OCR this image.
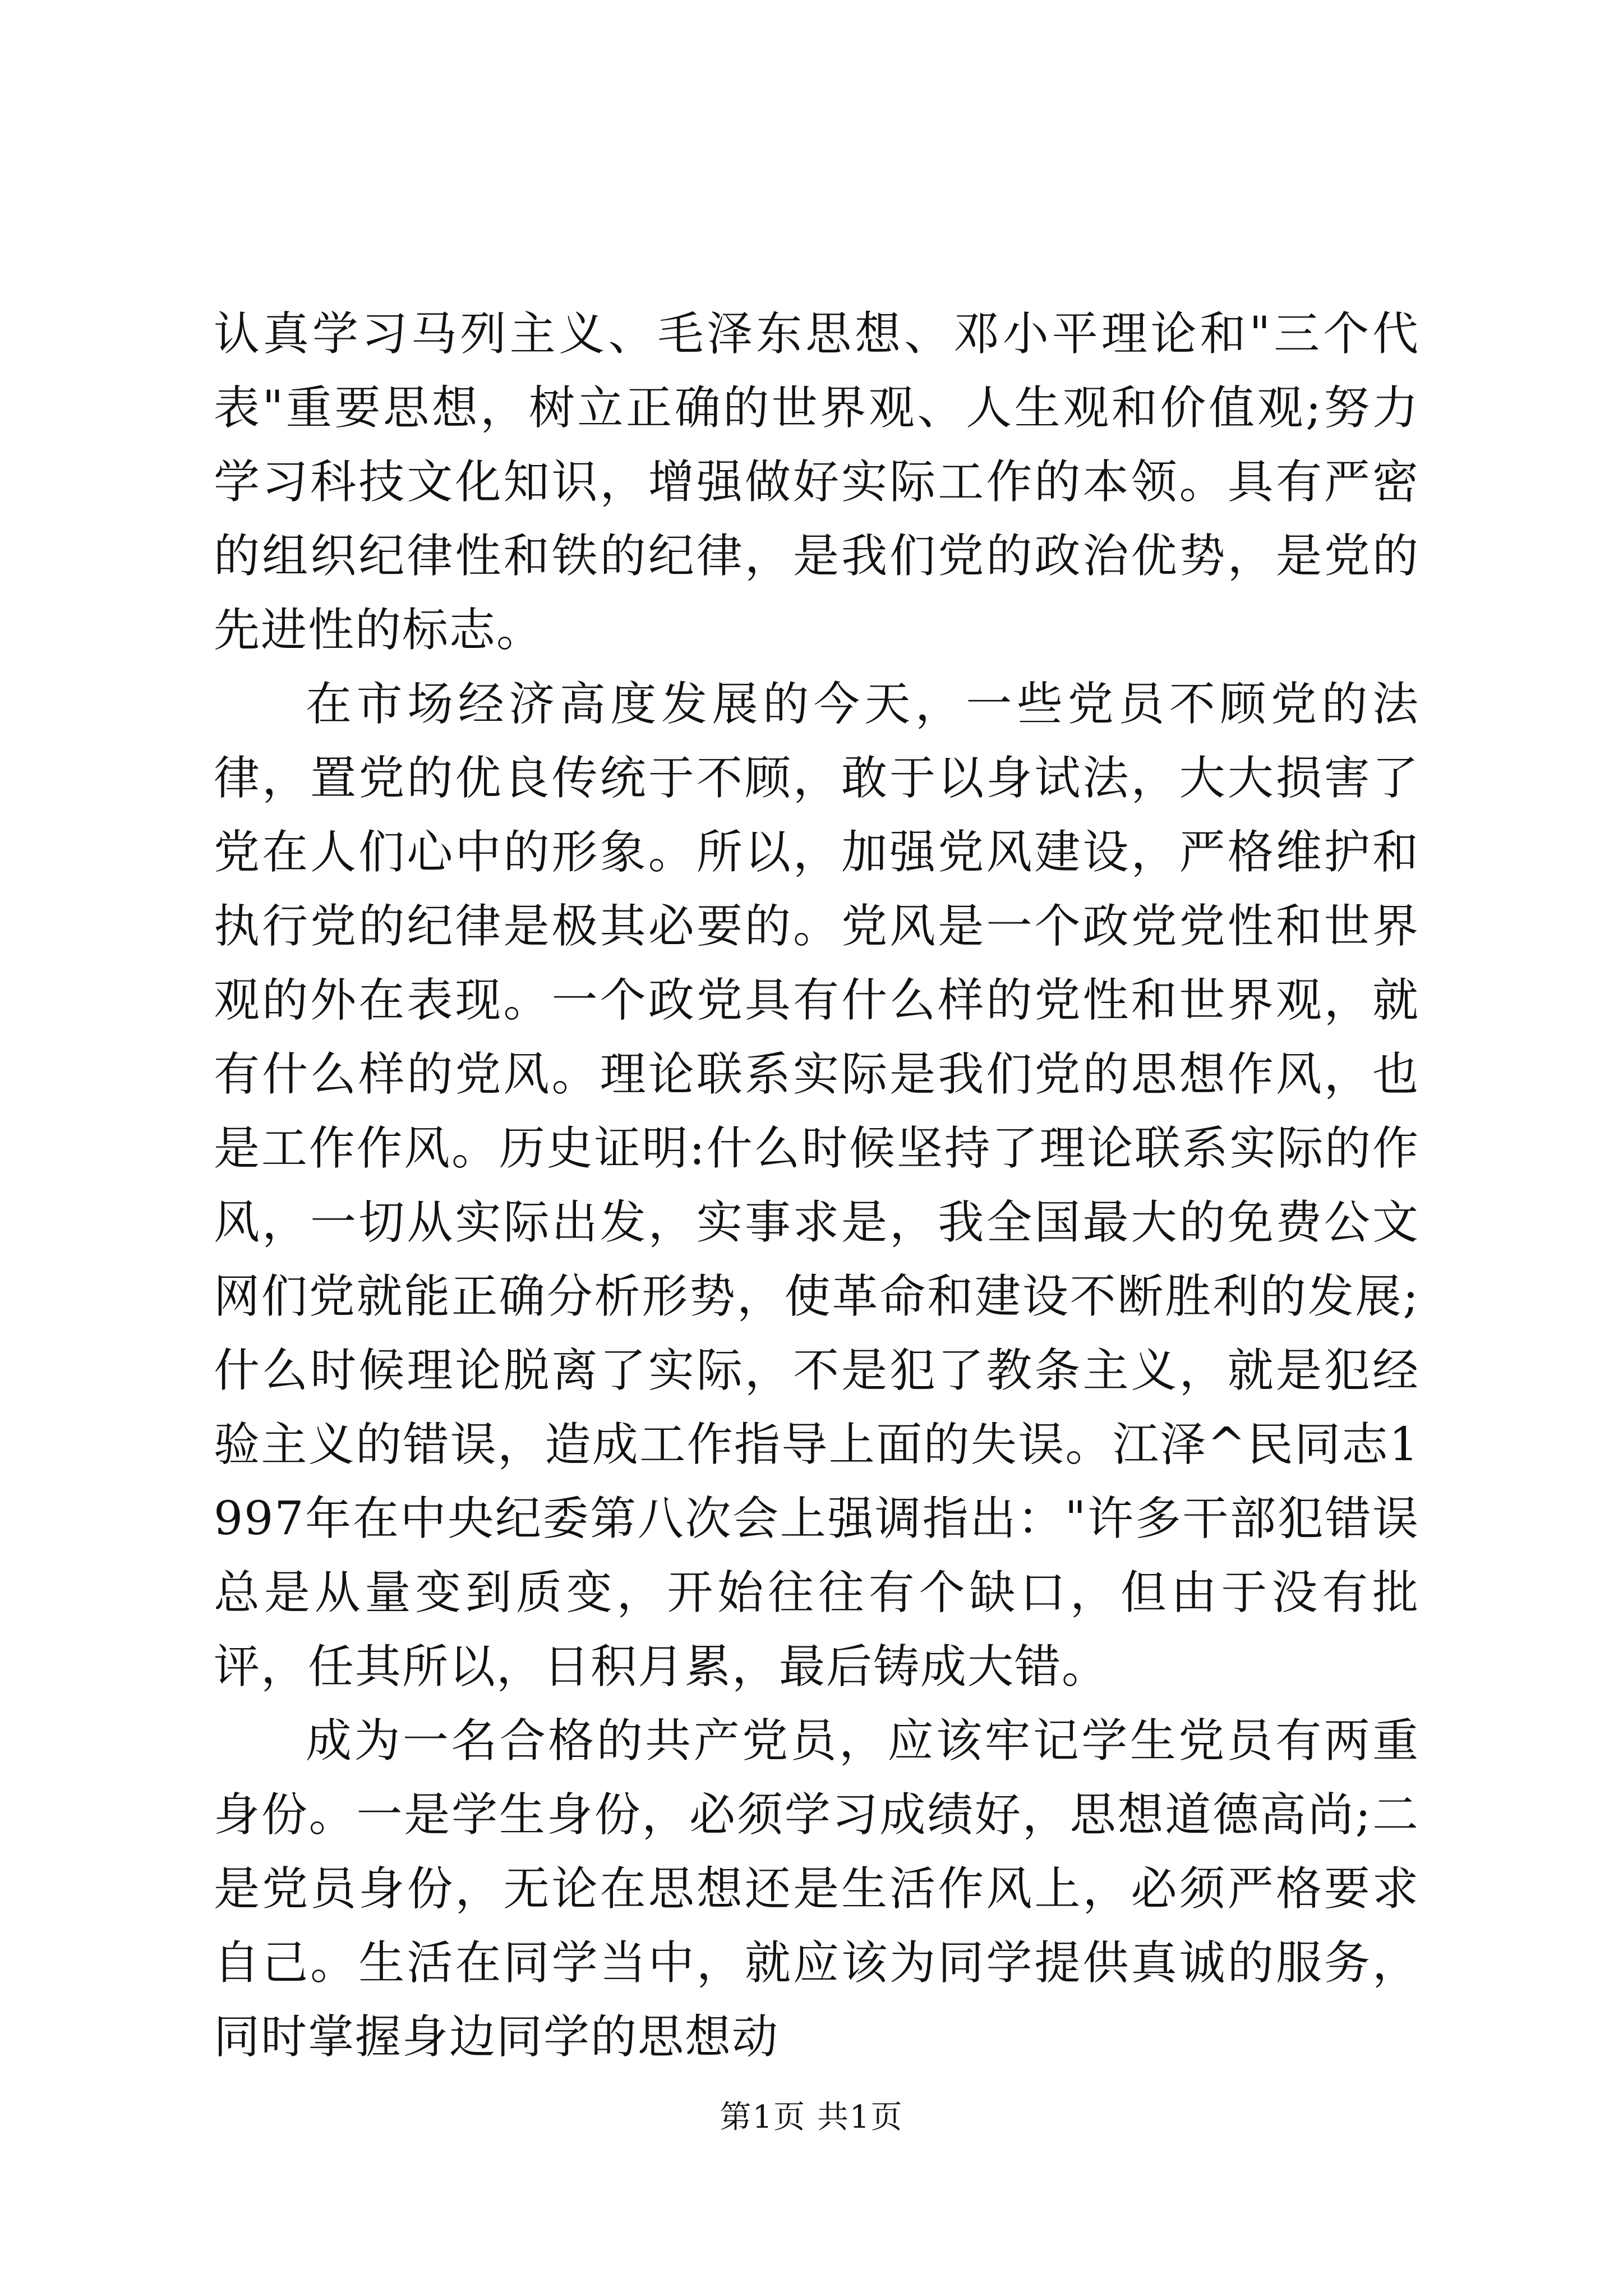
认真学习马列主义、毛泽东思想、邓小平理论和"三个代表"重要思想，树立正确的世界观、人生观和价值观;努力学习科技文化知识，增强做好实际工作的本领。具有严密的组织纪律性和铁的纪律，是我们党的政治优势，是党的先进性的标志。

在市场经济高度发展的今天，一些党员不顾党的法律，置党的优良传统于不顾，敢于以身试法，大大损害了党在人们心中的形象。所以，加强党风建设，严格维护和执行党的纪律是极其必要的。党风是一个政党党性和世界观的外在表现。一个政党具有什么样的党性和世界观，就有什么样的党风。理论联系实际是我们党的思想作风，也是工作作风。历史证明:什么时候坚持了理论联系实际的作风，一切从实际出发，实事求是，我全国最大的免费公文网们党就能正确分析形势，使革命和建设不断胜利的发展;什么时候理论脱离了实际，不是犯了教条主义，就是犯经验主义的错误，造成工作指导上面的失误。江泽^民同志1997年在中央纪委第八次会上强调指出："许多干部犯错误总是从量变到质变，开始往往有个缺口，但由于没有批评，任其所以，日积月累，最后铸成大错。

成为一名合格的共产党员，应该牢记学生党员有两重身份。一是学生身份，必须学习成绩好，思想道德高尚;二是党员身份，无论在思想还是生活作风上，必须严格要求自己。生活在同学当中，就应该为同学提供真诚的服务，同时掌握身边同学的思想动

第1页 共1页
